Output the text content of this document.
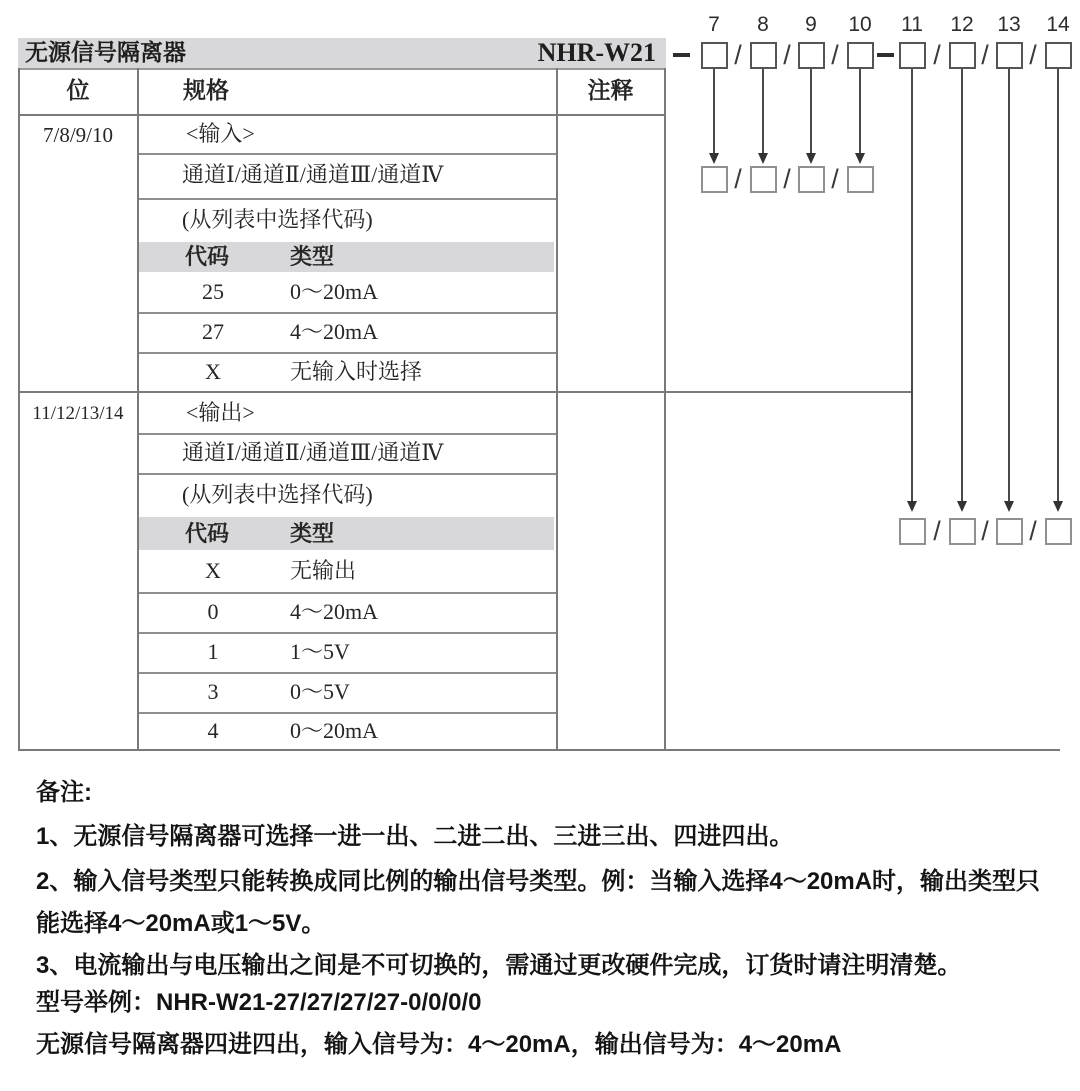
无源信号隔离器	NHR-W21
位	规格	注释
7/8/9/10	<输入>
通道Ⅰ/通道Ⅱ/通道Ⅲ/通道Ⅳ
(从列表中选择代码)
代码	类型
25	0～20mA
27	4～20mA
X	无输入时选择
11/12/13/14	<输出>
通道Ⅰ/通道Ⅱ/通道Ⅲ/通道Ⅳ
(从列表中选择代码)
代码	类型
X	无输出
0	4～20mA
1	1～5V
3	0～5V
4	0～20mA
7	8	9	10 11 12 13 14
/ / /	/ / /
/ / /
/ / /
备注:
1、无源信号隔离器可选择一进一出、二进二出、三进三出、四进四出。
2、输入信号类型只能转换成同比例的输出信号类型。例：当输入选择4～20mA时，输出类型只
能选择4～20mA或1～5V。
3、电流输出与电压输出之间是不可切换的，需通过更改硬件完成，订货时请注明清楚。
型号举例：NHR-W21-27/27/27/27-0/0/0/0
无源信号隔离器四进四出，输入信号为：4～20mA，输出信号为：4～20mA
